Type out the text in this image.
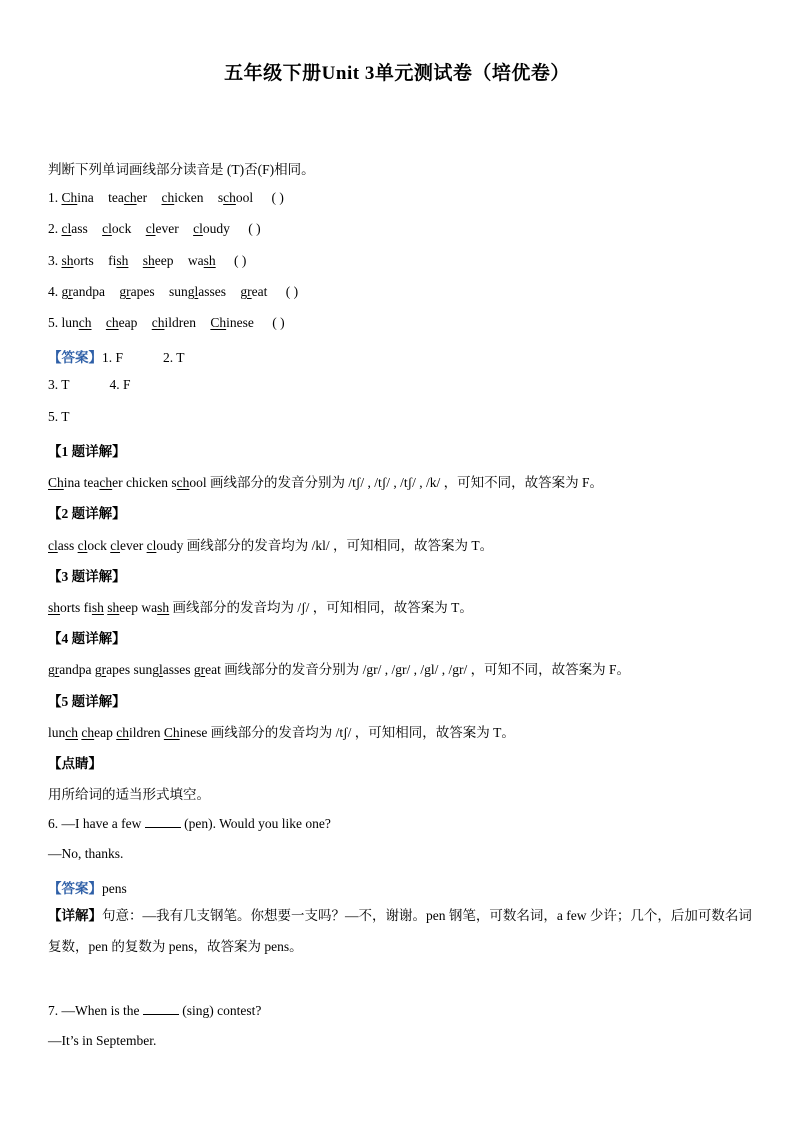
五年级下册Unit 3单元测试卷（培优卷）
判断下列单词画线部分读音是 (T)否(F)相同。
1. China teacher chicken school ( )
2. class clock clever cloudy ( )
3. shorts fish sheep wash ( )
4. grandpa grapes sunglasses great ( )
5. lunch cheap children Chinese ( )
【答案】1. F	2. T
3. T	4. F
5. T
【1 题详解】
China teacher chicken school 画线部分的发音分别为 /tʃ/ , /tʃ/ , /tʃ/ , /k/ ，可知不同，故答案为 F。
【2 题详解】
class clock clever cloudy 画线部分的发音均为 /kl/ ，可知相同，故答案为 T。
【3 题详解】
shorts fish sheep wash 画线部分的发音均为 /ʃ/ ，可知相同，故答案为 T。
【4 题详解】
grandpa grapes sunglasses great 画线部分的发音分别为 /gr/ , /gr/ , /gl/ , /gr/ ，可知不同，故答案为 F。
【5 题详解】
lunch cheap children Chinese 画线部分的发音均为 /tʃ/ ，可知相同，故答案为 T。
【点睛】
用所给词的适当形式填空。
6. —I have a few	(pen). Would you like one?
—No, thanks.
【答案】pens
【详解】句意：—我有几支钢笔。你想要一支吗？—不，谢谢。pen 钢笔，可数名词，a few 少许；几个，后加可数名词复数，pen 的复数为 pens，故答案为 pens。
7. —When is the	(sing) contest?
—It’s in September.
